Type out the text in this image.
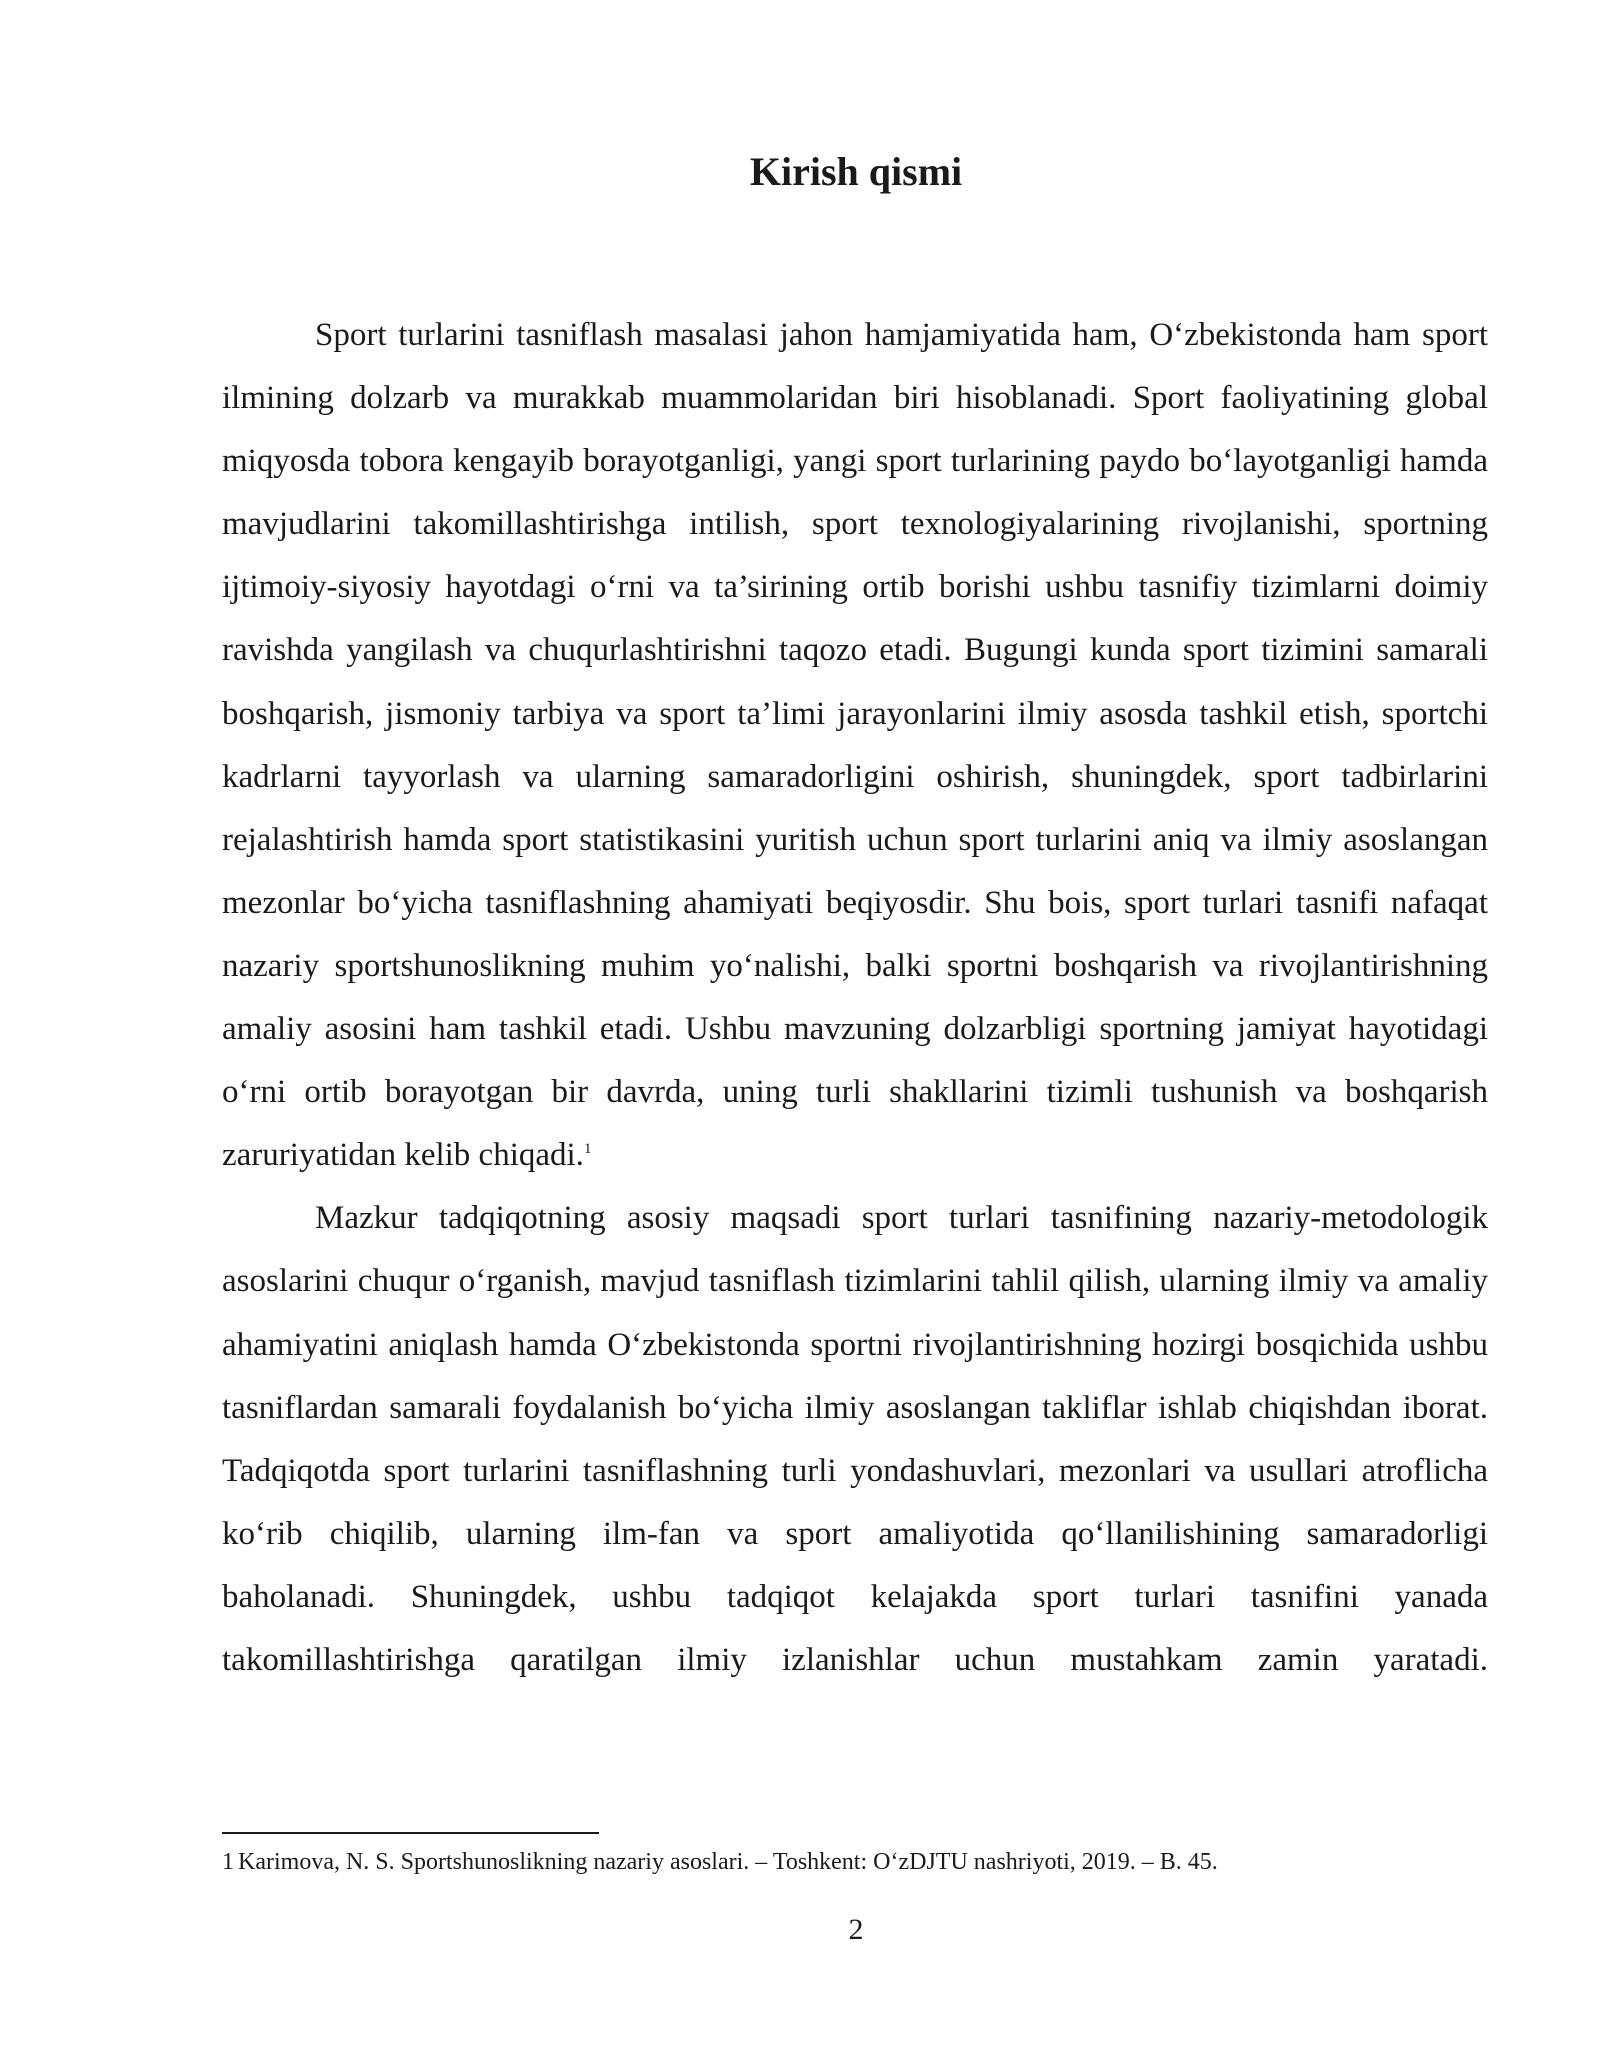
Kirish qismi

Sport turlarini tasniflash masalasi jahon hamjamiyatida ham, O‘zbekistonda ham sport ilmining dolzarb va murakkab muammolaridan biri hisoblanadi. Sport faoliyatining global miqyosda tobora kengayib borayotganligi, yangi sport turlarining paydo bo‘layotganligi hamda mavjudlarini takomillashtirishga intilish, sport texnologiyalarining rivojlanishi, sportning ijtimoiy-siyosiy hayotdagi o‘rni va ta’sirining ortib borishi ushbu tasnifiy tizimlarni doimiy ravishda yangilash va chuqurlashtirishni taqozo etadi. Bugungi kunda sport tizimini samarali boshqarish, jismoniy tarbiya va sport ta’limi jarayonlarini ilmiy asosda tashkil etish, sportchi kadrlarni tayyorlash va ularning samaradorligini oshirish, shuningdek, sport tadbirlarini rejalashtirish hamda sport statistikasini yuritish uchun sport turlarini aniq va ilmiy asoslangan mezonlar bo‘yicha tasniflashning ahamiyati beqiyosdir. Shu bois, sport turlari tasnifi nafaqat nazariy sportshunoslikning muhim yo‘nalishi, balki sportni boshqarish va rivojlantirishning amaliy asosini ham tashkil etadi. Ushbu mavzuning dolzarbligi sportning jamiyat hayotidagi o‘rni ortib borayotgan bir davrda, uning turli shakllarini tizimli tushunish va boshqarish zaruriyatidan kelib chiqadi.$^1$

Mazkur tadqiqotning asosiy maqsadi sport turlari tasnifining nazariy-metodologik asoslarini chuqur o‘rganish, mavjud tasniflash tizimlarini tahlil qilish, ularning ilmiy va amaliy ahamiyatini aniqlash hamda O‘zbekistonda sportni rivojlantirishning hozirgi bosqichida ushbu tasniflardan samarali foydalanish bo‘yicha ilmiy asoslangan takliflar ishlab chiqishdan iborat. Tadqiqotda sport turlarini tasniflashning turli yondashuvlari, mezonlari va usullari atroflicha ko‘rib chiqilib, ularning ilm-fan va sport amaliyotida qo‘llanilishining samaradorligi baholanadi. Shuningdek, ushbu tadqiqot kelajakda sport turlari tasnifini yanada takomillashtirishga qaratilgan ilmiy izlanishlar uchun mustahkam zamin yaratadi.

1 Karimova, N. S. Sportshunoslikning nazariy asoslari. – Toshkent: O‘zDJTU nashriyoti, 2019. – B. 45.

2
